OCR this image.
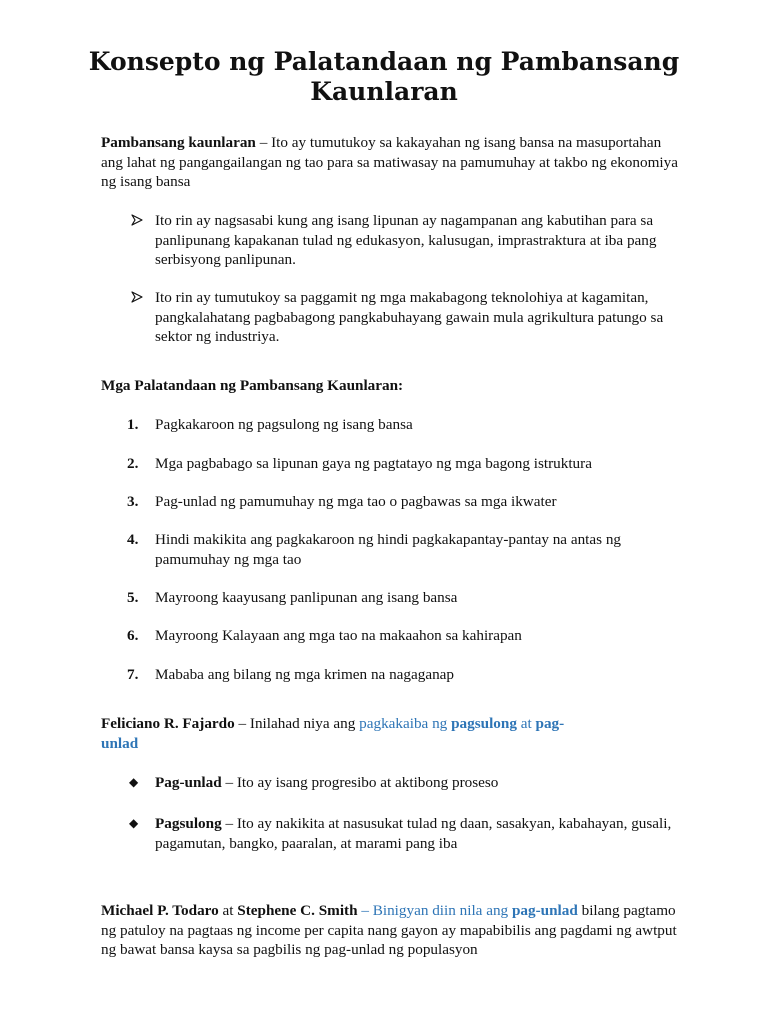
Konsepto ng Palatandaan ng Pambansang Kaunlaran

Pambansang kaunlaran – Ito ay tumutukoy sa kakayahan ng isang bansa na masuportahan ang lahat ng pangangailangan ng tao para sa matiwasay na pamumuhay at takbo ng ekonomiya ng isang bansa

Ito rin ay nagsasabi kung ang isang lipunan ay nagampanan ang kabutihan para sa panlipunang kapakanan tulad ng edukasyon, kalusugan, imprastraktura at iba pang serbisyong panlipunan.

Ito rin ay tumutukoy sa paggamit ng mga makabagong teknolohiya at kagamitan, pangkalahatang pagbabagong pangkabuhayang gawain mula agrikultura patungo sa sektor ng industriya.

Mga Palatandaan ng Pambansang Kaunlaran:

1.	Pagkakaroon ng pagsulong ng isang bansa

2.	Mga pagbabago sa lipunan gaya ng pagtatayo ng mga bagong istruktura

3.	Pag-unlad ng pamumuhay ng mga tao o pagbawas sa mga ikwater

4.	Hindi makikita ang pagkakaroon ng hindi pagkakapantay-pantay na antas ng pamumuhay ng mga tao

5.	Mayroong kaayusang panlipunan ang isang bansa

6.	Mayroong Kalayaan ang mga tao na makaahon sa kahirapan

7.	Mababa ang bilang ng mga krimen na nagaganap

Feliciano R. Fajardo – Inilahad niya ang pagkakaiba ng pagsulong at pag-unlad

◆	Pag-unlad – Ito ay isang progresibo at aktibong proseso

◆	Pagsulong – Ito ay nakikita at nasusukat tulad ng daan, sasakyan, kabahayan, gusali, pagamutan, bangko, paaralan, at marami pang iba

Michael P. Todaro at Stephene C. Smith – Binigyan diin nila ang pag-unlad bilang pagtamo ng patuloy na pagtaas ng income per capita nang gayon ay mapabibilis ang pagdami ng awtput ng bawat bansa kaysa sa pagbilis ng pag-unlad ng populasyon
